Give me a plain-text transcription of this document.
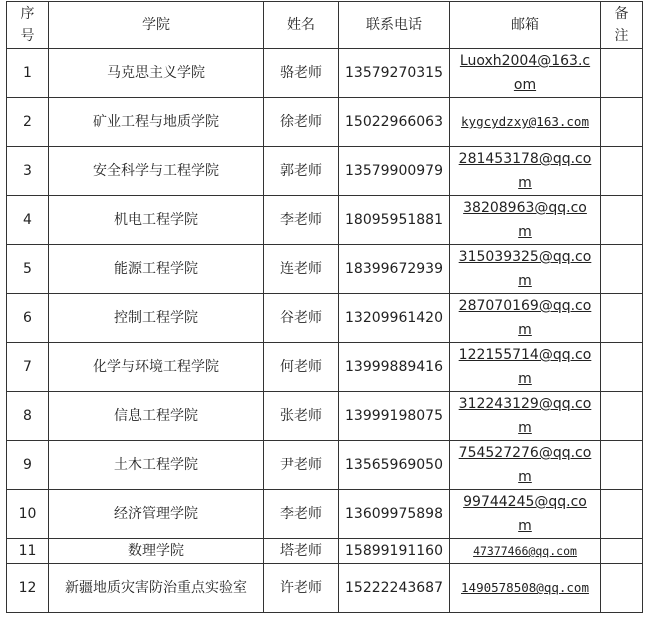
序号	学院	姓名	联系电话	邮箱	备注
1	马克思主义学院	骆老师	13579270315	Luoxh2004@163.com	
2	矿业工程与地质学院	徐老师	15022966063	kygcydzxy@163.com	
3	安全科学与工程学院	郭老师	13579900979	281453178@qq.com	
4	机电工程学院	李老师	18095951881	38208963@qq.com	
5	能源工程学院	连老师	18399672939	315039325@qq.com	
6	控制工程学院	谷老师	13209961420	287070169@qq.com	
7	化学与环境工程学院	何老师	13999889416	122155714@qq.com	
8	信息工程学院	张老师	13999198075	312243129@qq.com	
9	土木工程学院	尹老师	13565969050	754527276@qq.com	
10	经济管理学院	李老师	13609975898	99744245@qq.com	
11	数理学院	塔老师	15899191160	47377466@qq.com	
12	新疆地质灾害防治重点实验室	许老师	15222243687	1490578508@qq.com	
